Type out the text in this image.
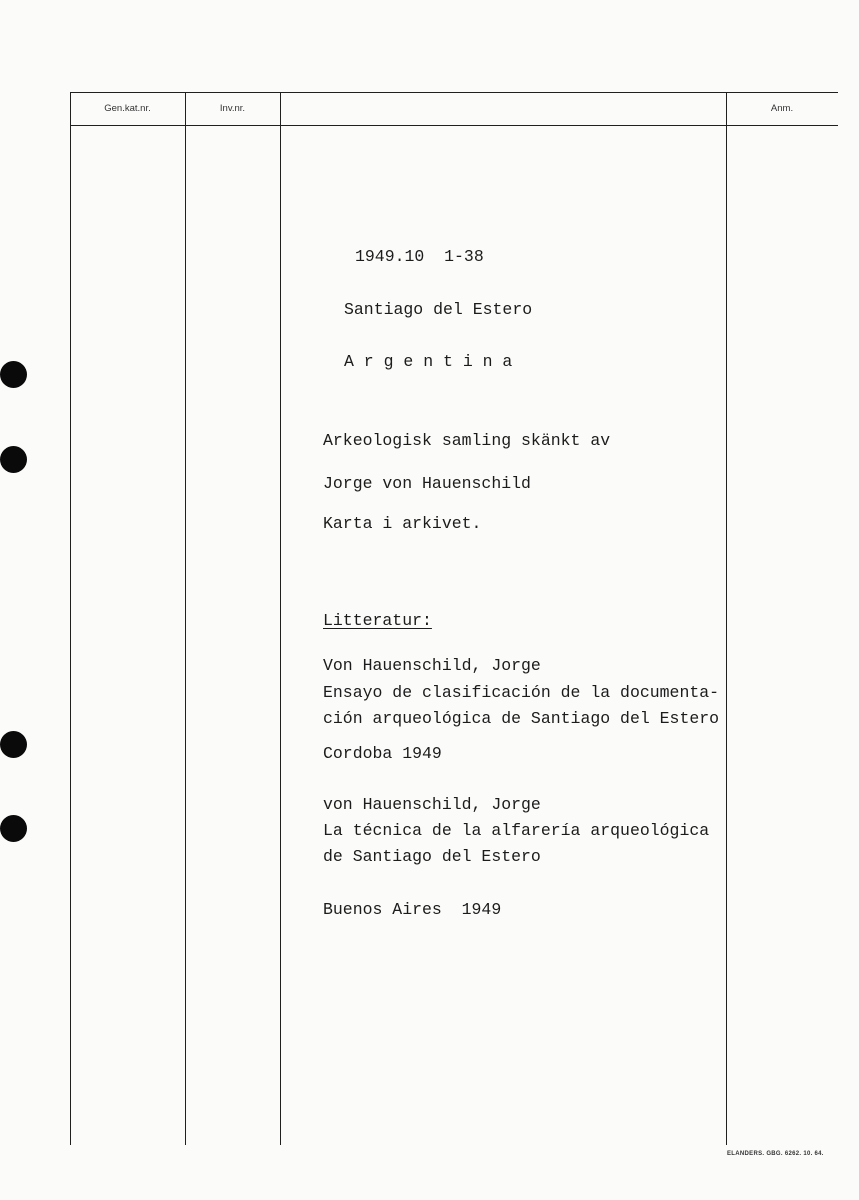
Gen.kat.nr.	Inv.nr.	Anm.
1949.10  1-38
Santiago del Estero
A r g e n t i n a
Arkeologisk samling skänkt av
Jorge von Hauenschild
Karta i arkivet.
Litteratur:
Von Hauenschild, Jorge
Ensayo de clasificación de la documenta-
ción arqueológica de Santiago del Estero
Cordoba 1949
von Hauenschild, Jorge
La técnica de la alfarería arqueológica
de Santiago del Estero
Buenos Aires  1949
ELANDERS. GBG. 6262. 10. 64.
